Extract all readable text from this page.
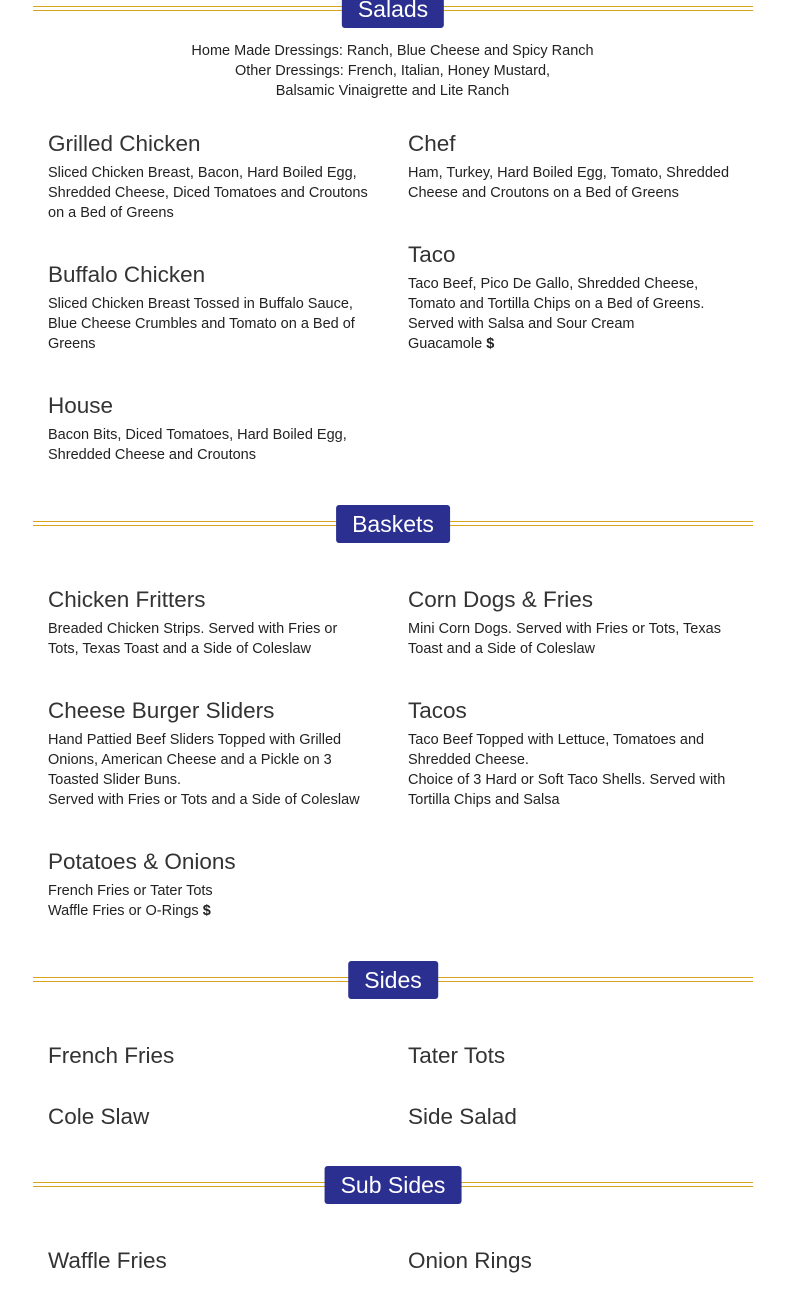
Salads
Home Made Dressings: Ranch, Blue Cheese and Spicy Ranch
Other Dressings: French, Italian, Honey Mustard,
Balsamic Vinaigrette and Lite Ranch
Grilled Chicken
Sliced Chicken Breast, Bacon, Hard Boiled Egg,
Shredded Cheese, Diced Tomatoes and Croutons
on a Bed of Greens
Chef
Ham, Turkey, Hard Boiled Egg, Tomato, Shredded
Cheese and Croutons on a Bed of Greens
Buffalo Chicken
Sliced Chicken Breast Tossed in Buffalo Sauce,
Blue Cheese Crumbles and Tomato on a Bed of
Greens
Taco
Taco Beef, Pico De Gallo, Shredded Cheese,
Tomato and Tortilla Chips on a Bed of Greens.
Served with Salsa and Sour Cream
Guacamole $
House
Bacon Bits, Diced Tomatoes, Hard Boiled Egg,
Shredded Cheese and Croutons
Baskets
Chicken Fritters
Breaded Chicken Strips. Served with Fries or
Tots, Texas Toast and a Side of Coleslaw
Corn Dogs & Fries
Mini Corn Dogs. Served with Fries or Tots, Texas
Toast and a Side of Coleslaw
Cheese Burger Sliders
Hand Pattied Beef Sliders Topped with Grilled
Onions, American Cheese and a Pickle on 3
Toasted Slider Buns.
Served with Fries or Tots and a Side of Coleslaw
Tacos
Taco Beef Topped with Lettuce, Tomatoes and
Shredded Cheese.
Choice of 3 Hard or Soft Taco Shells. Served with
Tortilla Chips and Salsa
Potatoes & Onions
French Fries or Tater Tots
Waffle Fries or O-Rings $
Sides
French Fries	Tater Tots
Cole Slaw	Side Salad
Sub Sides
Waffle Fries	Onion Rings
